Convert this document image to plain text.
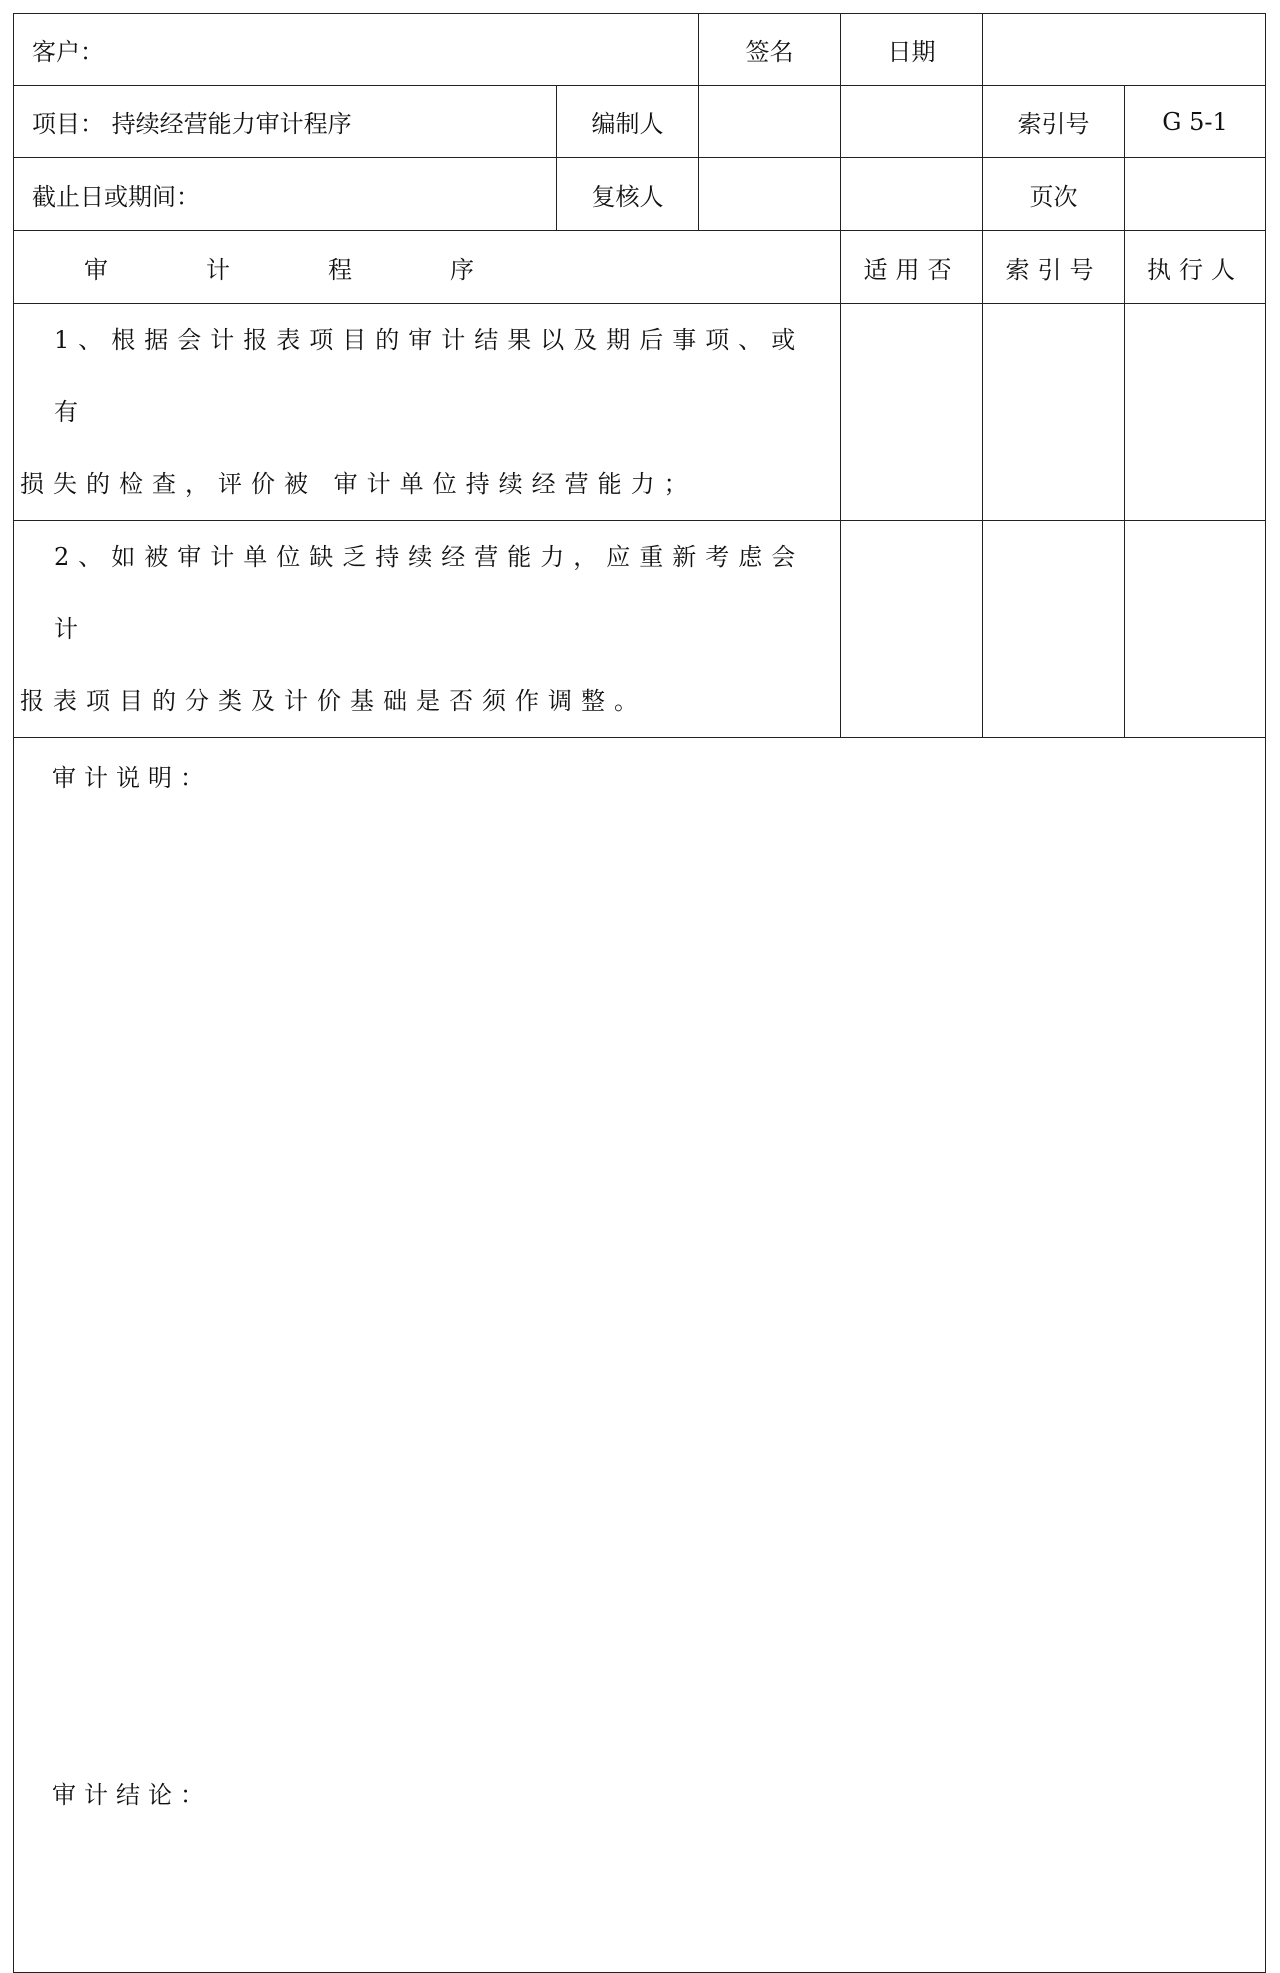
客户：		签名	日期		
项目： 持续经营能力审计程序	编制人			索引号	G 5-1
截止日或期间：	复核人			页次	
审 计 程 序			适用否	索引号	执行人

1、根据会计报表项目的审计结果以及期后事项、或有
损失的检查，评价被 审计单位持续经营能力；					

2、如被审计单位缺乏持续经营能力，应重新考虑会计
报表项目的分类及计价基础是否须作调整。					

审计说明：
审计结论：					
